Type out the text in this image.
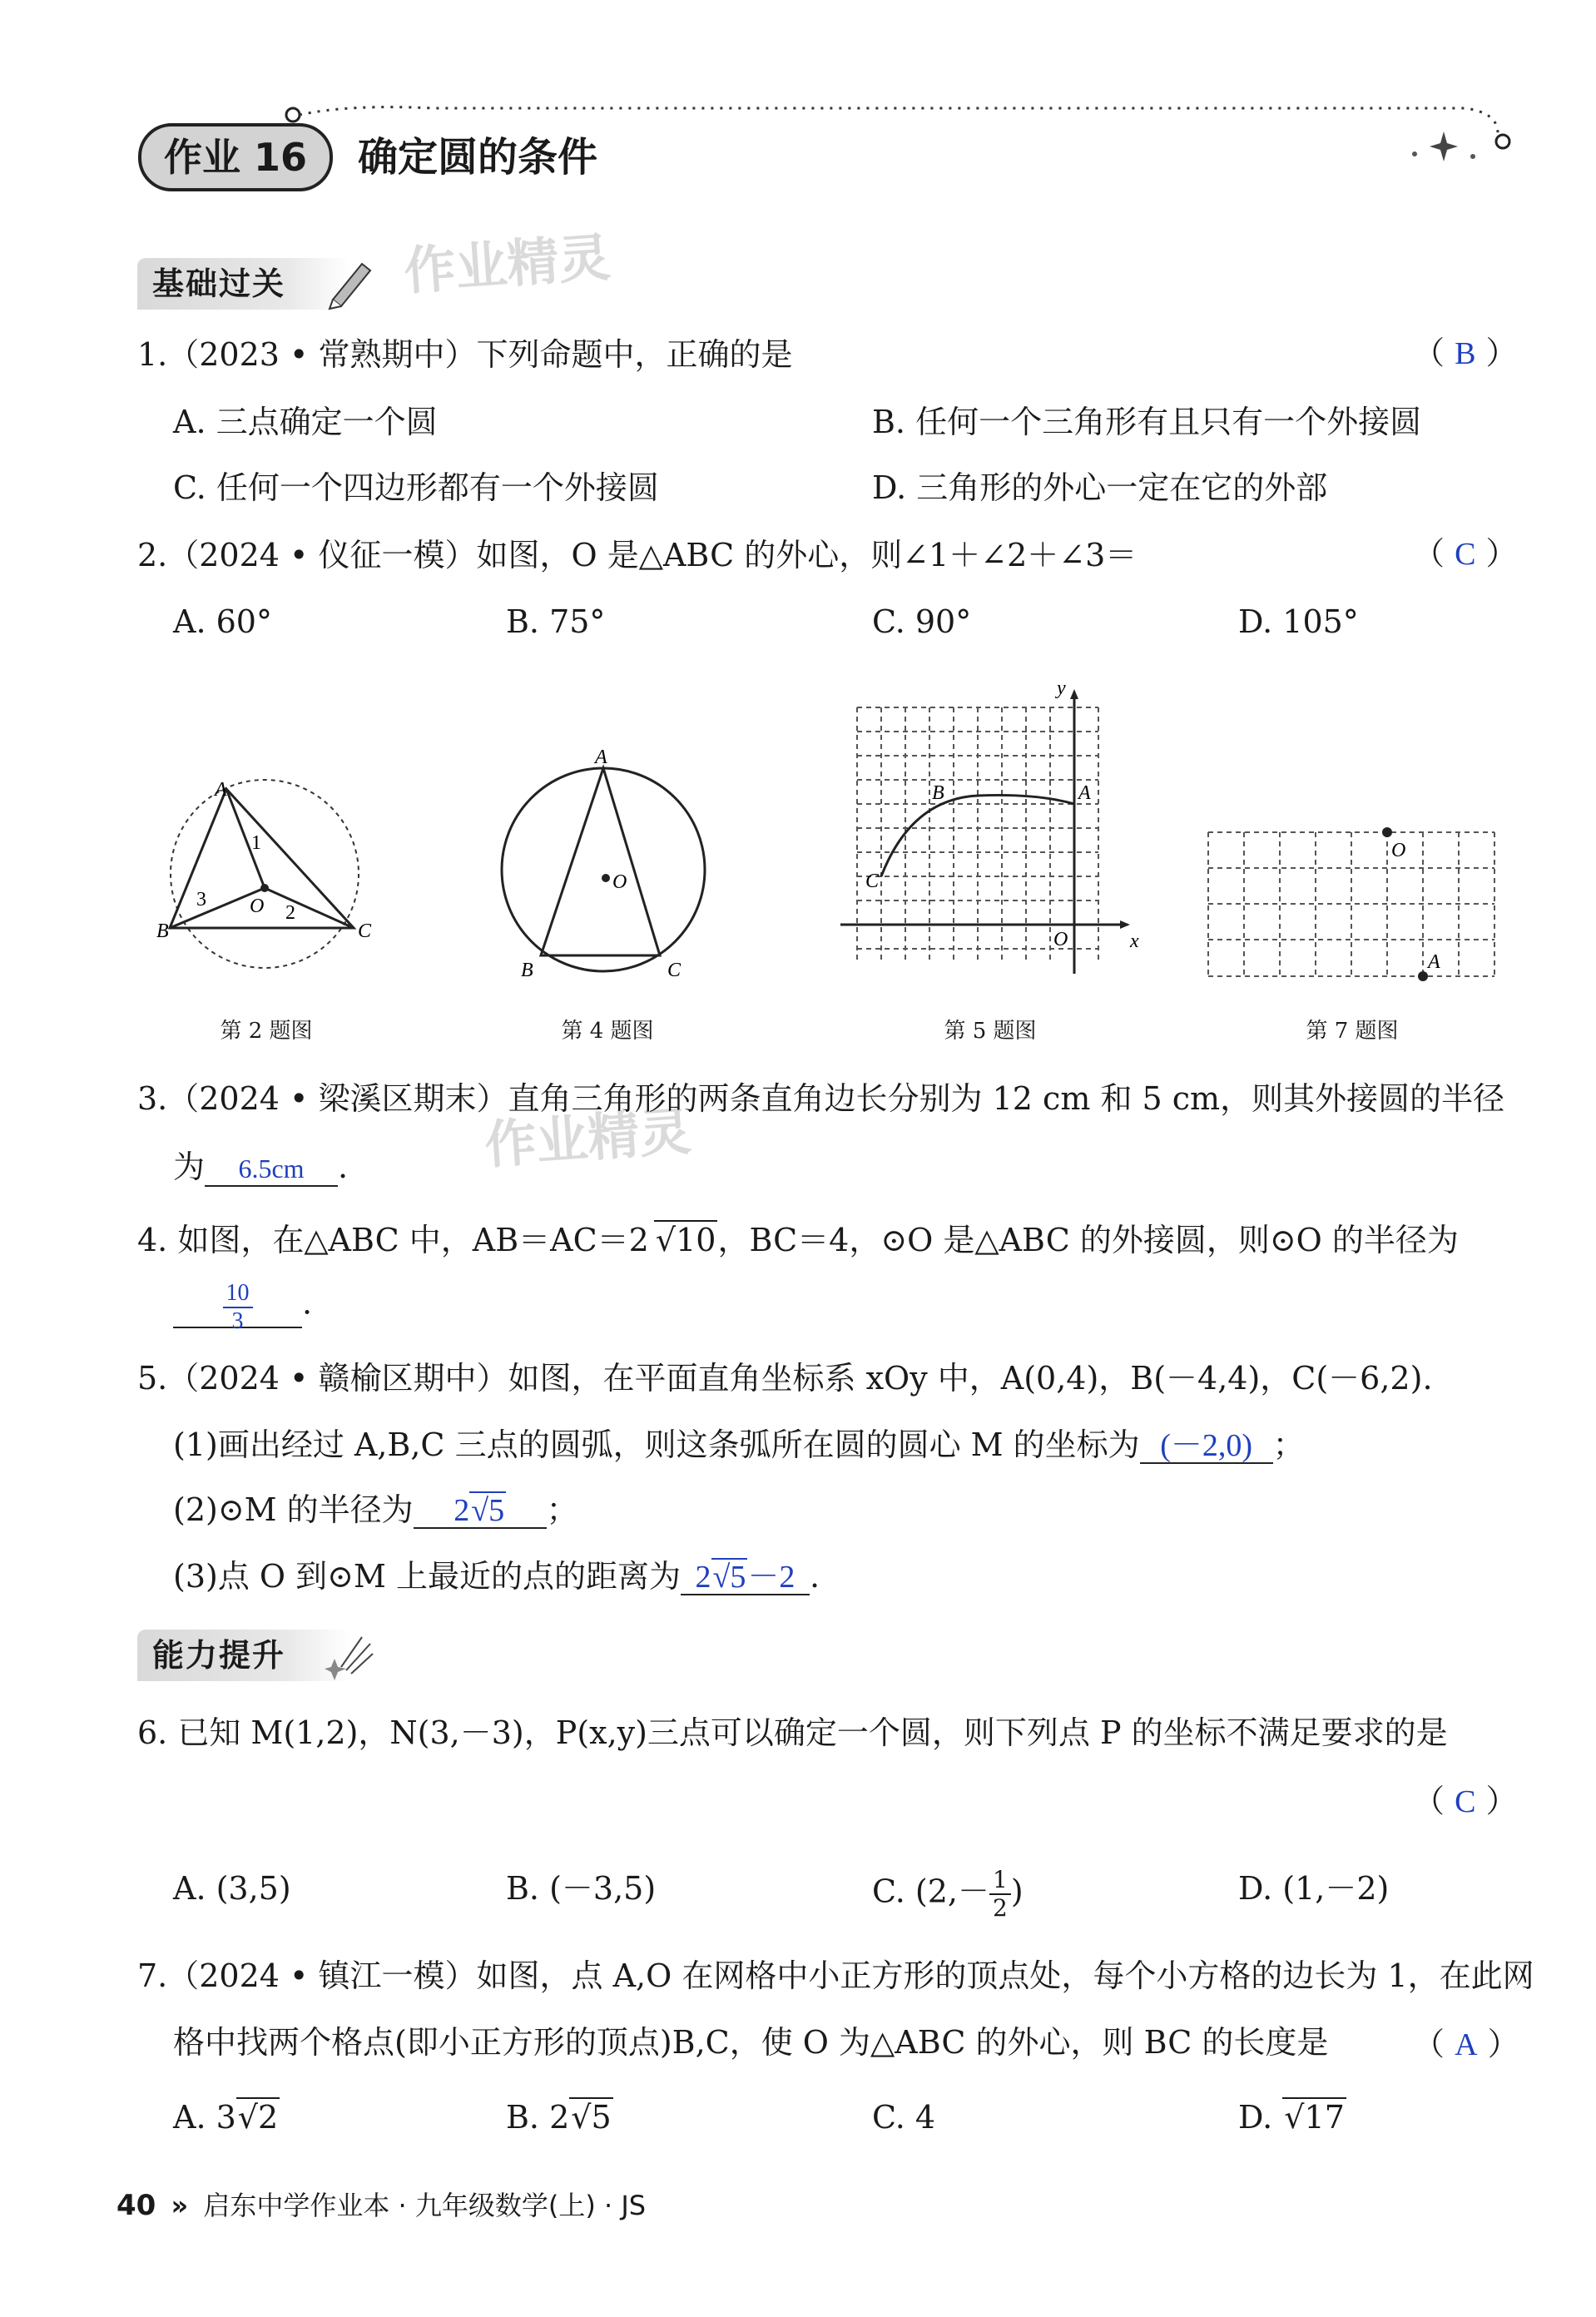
作业 16	确定圆的条件
作业精灵
作业精灵
基础过关
1.（2023 • 常熟期中）下列命题中，正确的是	（ B ）
A. 三点确定一个圆	B. 任何一个三角形有且只有一个外接圆
C. 任何一个四边形都有一个外接圆	D. 三角形的外心一定在它的外部
2.（2024 • 仪征一模）如图，O 是△ABC 的外心，则∠1＋∠2＋∠3＝	（ C ）
A. 60°	B. 75°	C. 90°	D. 105°
A
B	C
O
1
2
3
第 2 题图
A
B	C
O
第 4 题图
C
B	A
O	x
y
第 5 题图
O
A
第 7 题图
3.（2024 • 梁溪区期末）直角三角形的两条直角边长分别为 12 cm 和 5 cm，则其外接圆的半径
为 6.5cm .
4. 如图，在△ABC 中，AB＝AC＝2 √10，BC＝4，⊙O 是△ABC 的外接圆，则⊙O 的半径为
$\frac{10}{3}$ .
5.（2024 • 赣榆区期中）如图，在平面直角坐标系 xOy 中，A(0,4)，B(－4,4)，C(－6,2).
(1)画出经过 A,B,C 三点的圆弧，则这条弧所在圆的圆心 M 的坐标为 (－2,0) ；
(2)⊙M 的半径为 2√5 ；
(3)点 O 到⊙M 上最近的点的距离为 2√5－2 .
能力提升
6. 已知 M(1,2)，N(3,－3)，P(x,y)三点可以确定一个圆，则下列点 P 的坐标不满足要求的是
（ C ）
A. (3,5)	B. (－3,5)	C. ($2,- \frac{1}{2}$ )	D. (1,－2)
7.（2024 • 镇江一模）如图，点 A,O 在网格中小正方形的顶点处，每个小方格的边长为 1，在此网
格中找两个格点(即小正方形的顶点)B,C，使 O 为△ABC 的外心，则 BC 的长度是	（ A ）
A. 3√2	B. 2√5	C. 4	D. √17
40 » 启东中学作业本 · 九年级数学(上) · JS
